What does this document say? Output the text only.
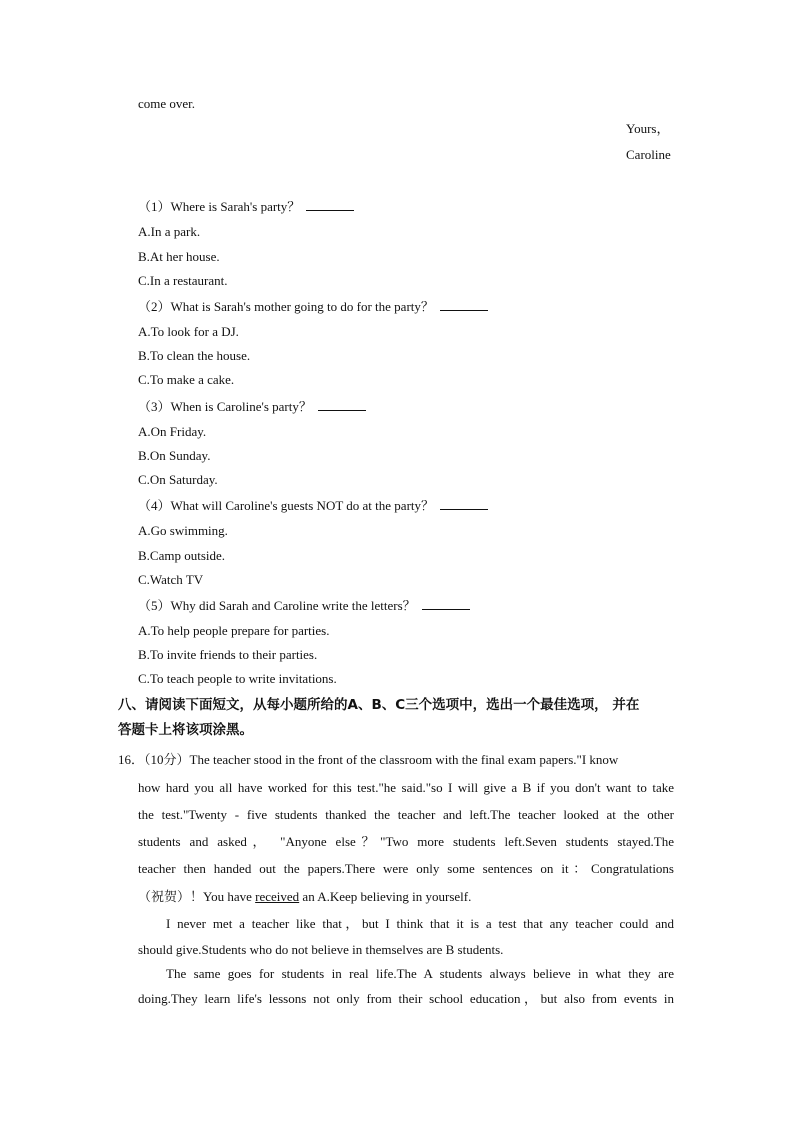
come over.
Yours，
Caroline
（1）Where is Sarah's party？
A.In a park.
B.At her house.
C.In a restaurant.
（2）What is Sarah's mother going to do for the party？
A.To look for a DJ.
B.To clean the house.
C.To make a cake.
（3）When is Caroline's party？
A.On Friday.
B.On Sunday.
C.On Saturday.
（4）What will Caroline's guests NOT do at the party？
A.Go swimming.
B.Camp outside.
C.Watch TV
（5）Why did Sarah and Caroline write the letters？
A.To help people prepare for parties.
B.To invite friends to their parties.
C.To teach people to write invitations.
八、请阅读下面短文，从每小题所给的A、B、C三个选项中，选出一个最佳选项， 并在
答题卡上将该项涂黑。
16．（10分）The teacher stood in the front of the classroom with the final exam papers."I know
how hard you all have worked for this test."he said."so I will give a B if you don't want to take
the test."Twenty - five students thanked the teacher and left.The teacher looked at the other
students and asked， "Anyone else？"Two more students left.Seven students stayed.The
teacher then handed out the papers.There were only some sentences on it：Congratulations
（祝贺）！You have received an A.Keep believing in yourself.
I never met a teacher like that，but I think that it is a test that any teacher could and
should give.Students who do not believe in themselves are B students.
The same goes for students in real life.The A students always believe in what they are
doing.They learn life's lessons not only from their school education，but also from events in
